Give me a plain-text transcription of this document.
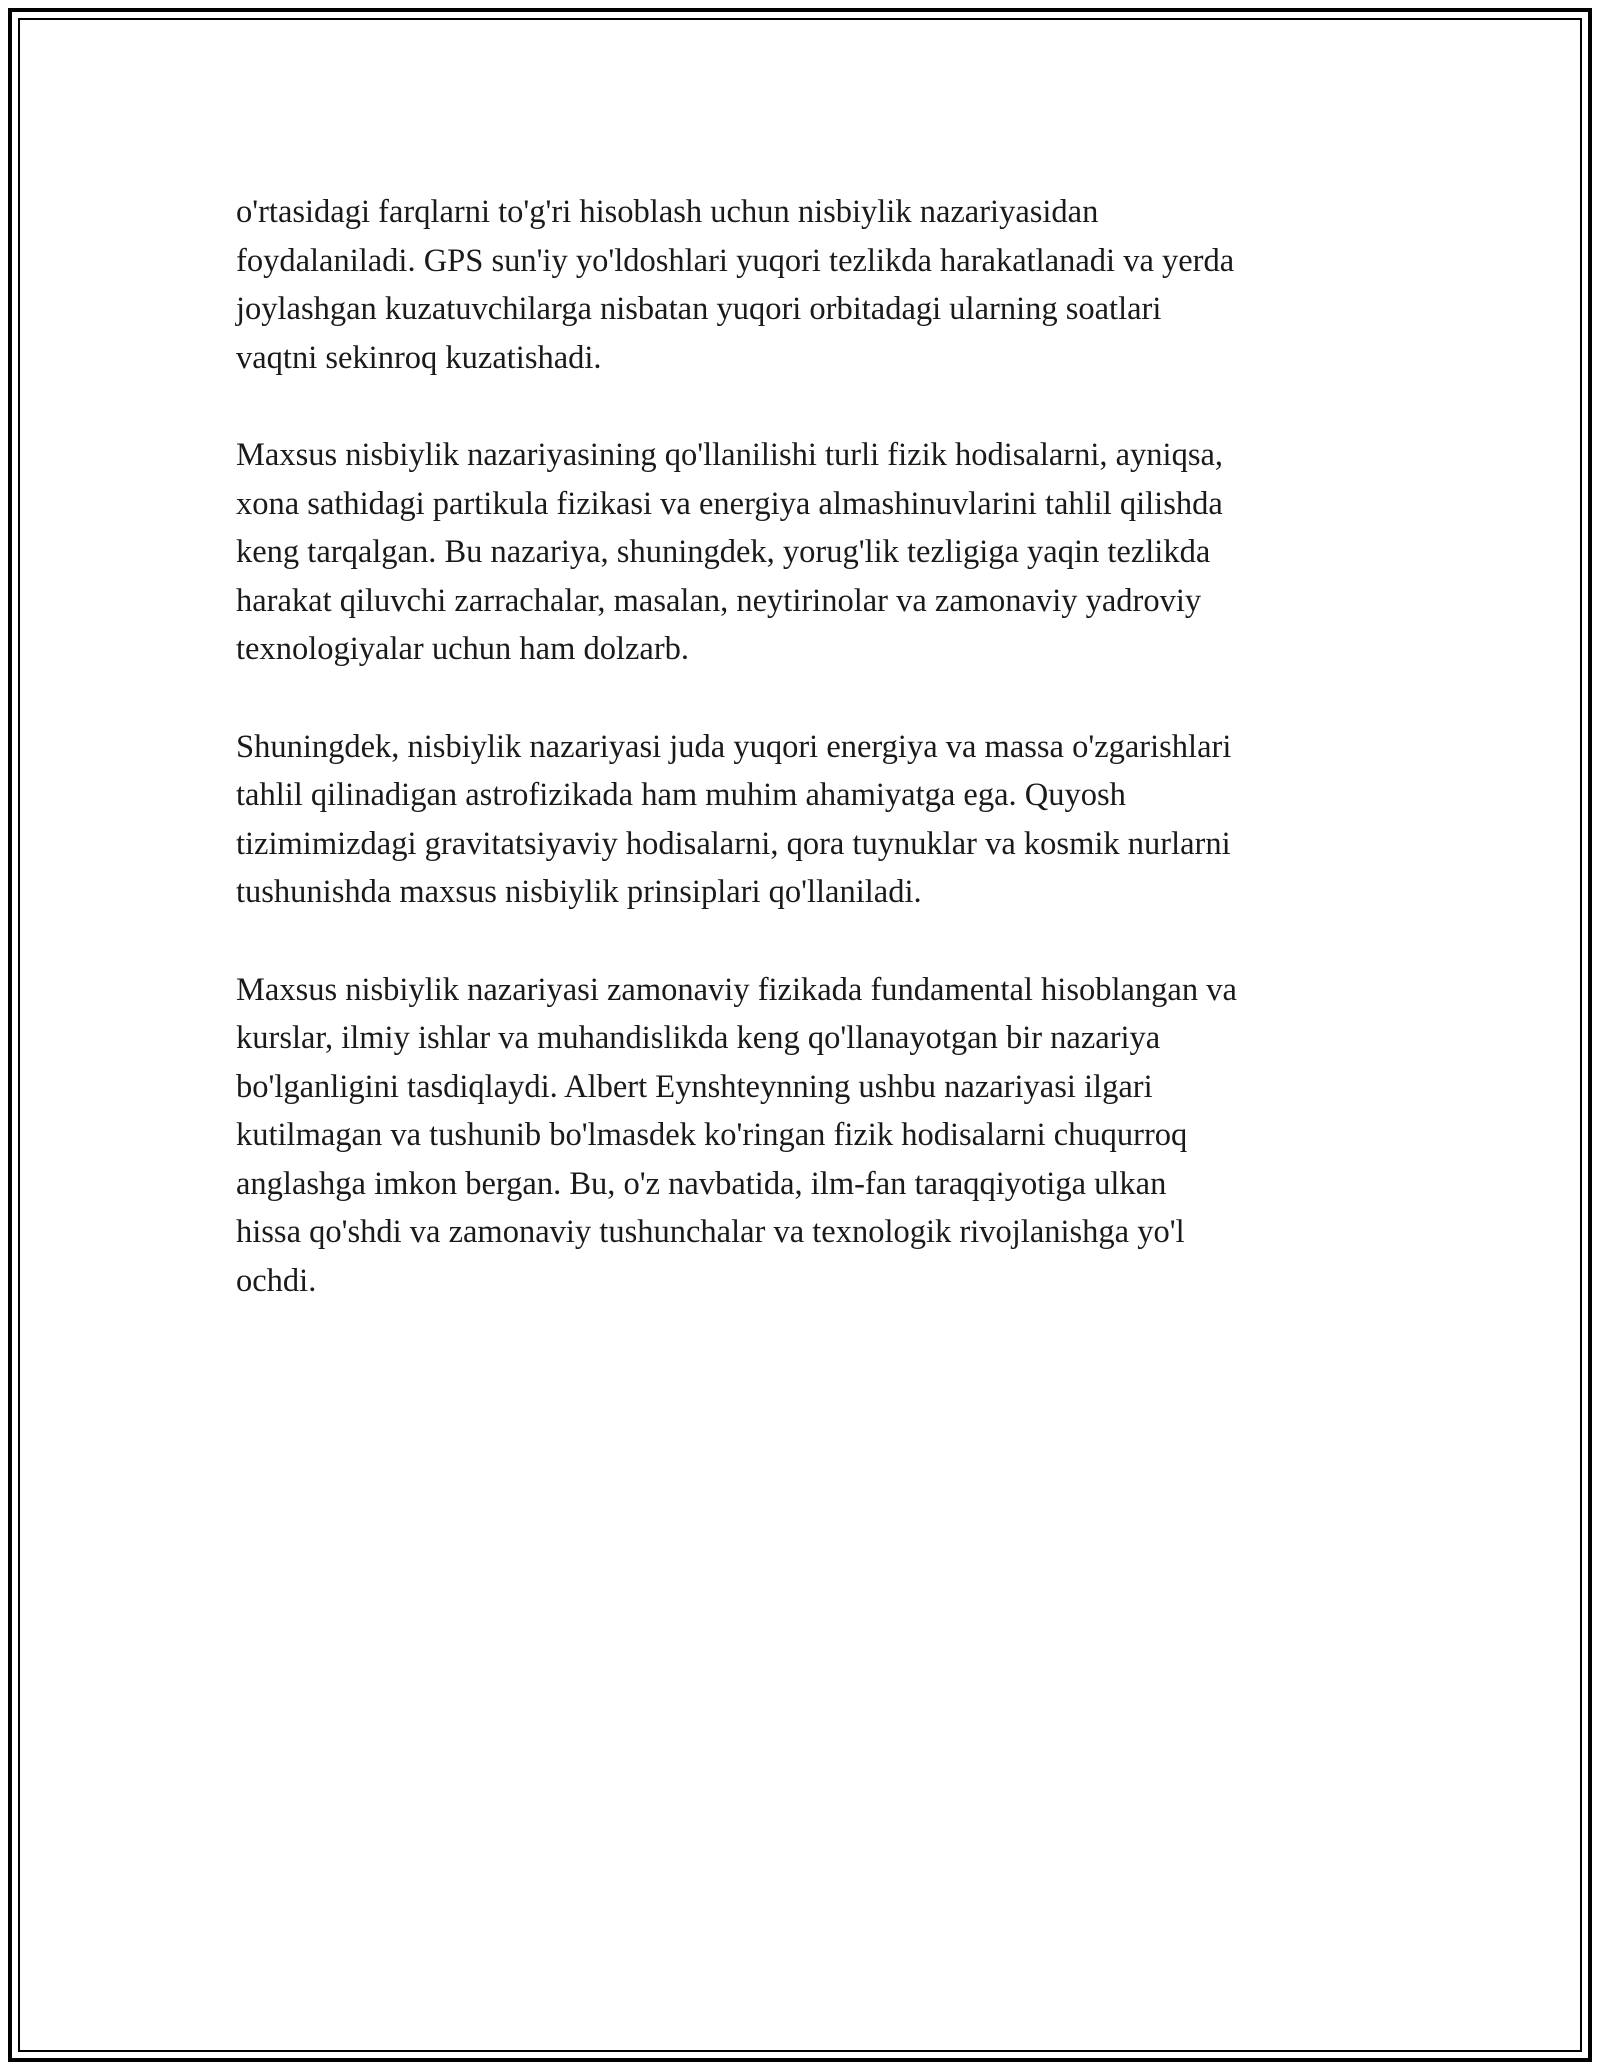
o'rtasidagi farqlarni to'g'ri hisoblash uchun nisbiylik nazariyasidan
foydalaniladi. GPS sun'iy yo'ldoshlari yuqori tezlikda harakatlanadi va yerda
joylashgan kuzatuvchilarga nisbatan yuqori orbitadagi ularning soatlari
vaqtni sekinroq kuzatishadi.

Maxsus nisbiylik nazariyasining qo'llanilishi turli fizik hodisalarni, ayniqsa,
xona sathidagi partikula fizikasi va energiya almashinuvlarini tahlil qilishda
keng tarqalgan. Bu nazariya, shuningdek, yorug'lik tezligiga yaqin tezlikda
harakat qiluvchi zarrachalar, masalan, neytirinolar va zamonaviy yadroviy
texnologiyalar uchun ham dolzarb.

Shuningdek, nisbiylik nazariyasi juda yuqori energiya va massa o'zgarishlari
tahlil qilinadigan astrofizikada ham muhim ahamiyatga ega. Quyosh
tizimimizdagi gravitatsiyaviy hodisalarni, qora tuynuklar va kosmik nurlarni
tushunishda maxsus nisbiylik prinsiplari qo'llaniladi.

Maxsus nisbiylik nazariyasi zamonaviy fizikada fundamental hisoblangan va
kurslar, ilmiy ishlar va muhandislikda keng qo'llanayotgan bir nazariya
bo'lganligini tasdiqlaydi. Albert Eynshteynning ushbu nazariyasi ilgari
kutilmagan va tushunib bo'lmasdek ko'ringan fizik hodisalarni chuqurroq
anglashga imkon bergan. Bu, o'z navbatida, ilm-fan taraqqiyotiga ulkan
hissa qo'shdi va zamonaviy tushunchalar va texnologik rivojlanishga yo'l
ochdi.
